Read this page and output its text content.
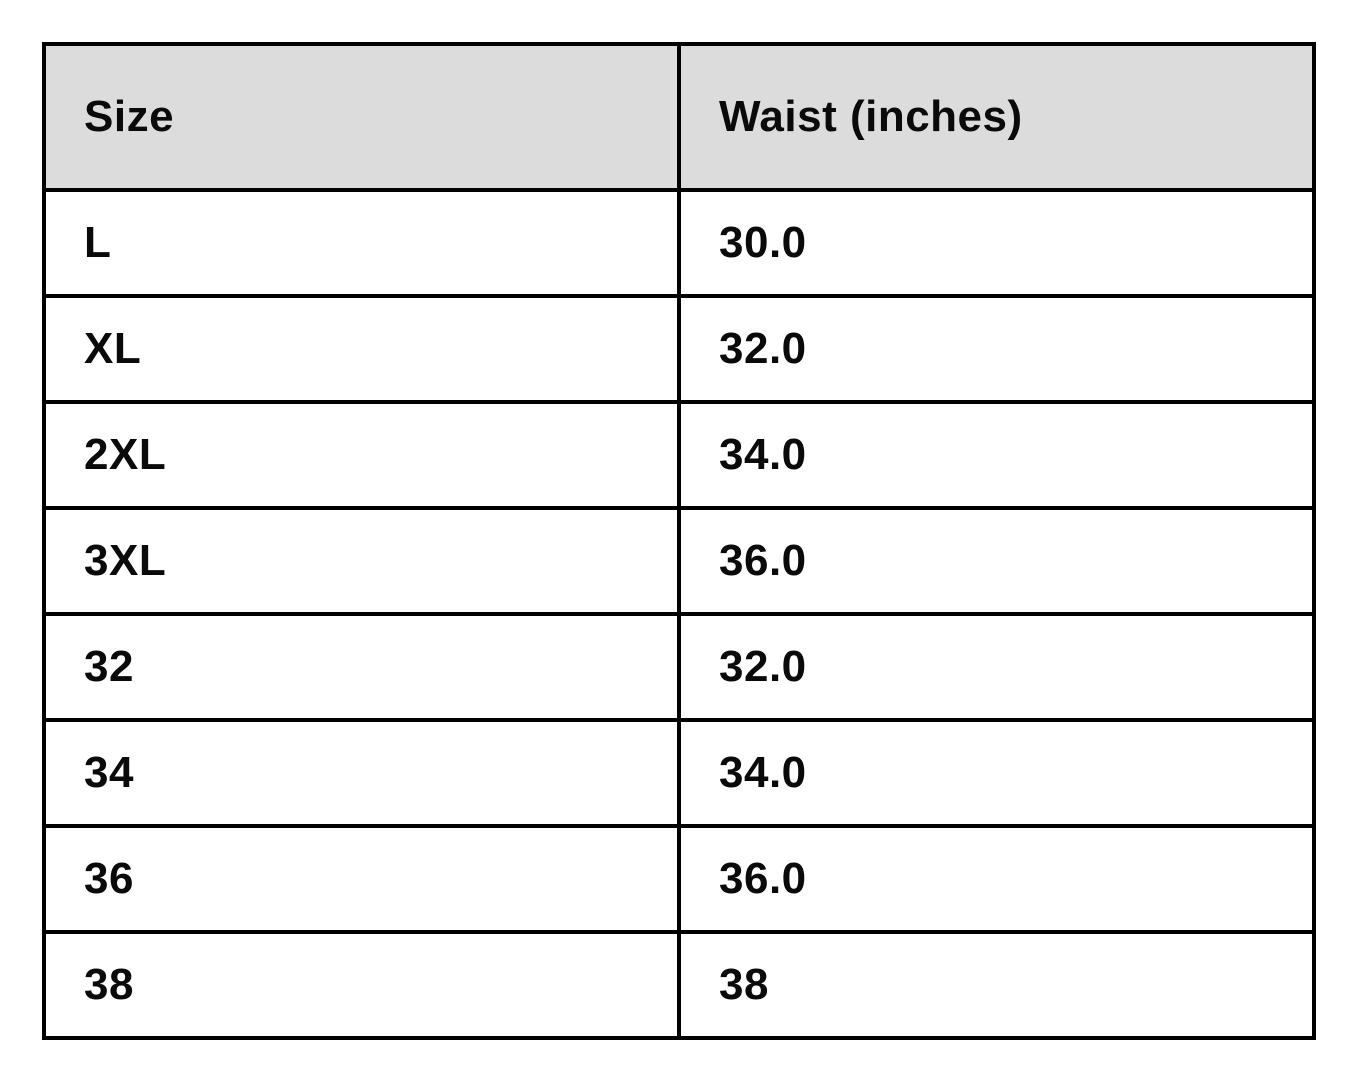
Size	Waist (inches)
L	30.0
XL	32.0
2XL	34.0
3XL	36.0
32	32.0
34	34.0
36	36.0
38	38
